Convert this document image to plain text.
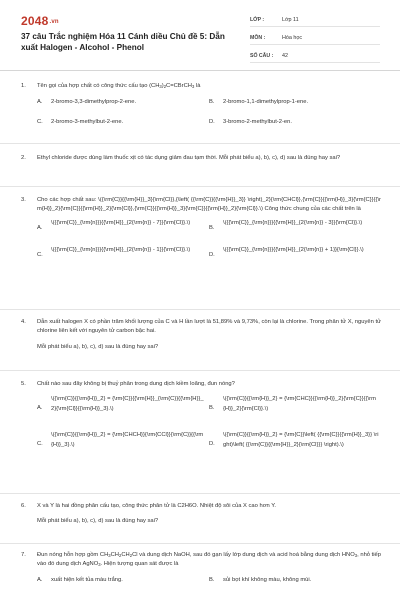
2048.vn
37 câu Trắc nghiệm Hóa 11 Cánh diều Chủ đề 5: Dẫn xuất Halogen - Alcohol - Phenol
LỚP :	Lớp 11
MÔN :	Hóa học
SỐ CÂU :	42
1. Tên gọi của hợp chất có công thức cấu tạo $(CH_3)_2C=CBrCH_3$ là
A. 2-bromo-3,3-dimethylprop-2-ene.	B. 2-bromo-1,1-dimethylprop-1-ene.
C. 2-bromo-3-methylbut-2-ene.	D. 3-bromo-2-methylbut-2-en.
2. Ethyl chloride được dùng làm thuốc xịt có tác dụng giảm đau tạm thời. Mỗi phát biểu a), b), c), d) sau là đúng hay sai?
3. Cho các hợp chất sau: \({\rm{C}}{{\rm{H}}_3}{\rm{Cl}},{\left( {{\rm{C}}{{\rm{H}}_3}} \right)_2}{\rm{CHCl}},{\rm{C}}{{\rm{H}}_3}{\rm{C}}{{\rm{H}}_2}{\rm{C}}{{\rm{H}}_2}{\rm{Cl}},{\rm{C}}{{\rm{H}}_3}{\rm{C}}{{\rm{H}}_2}{\rm{Cl}}.\) Công thức chung của các chất trên là
A.
\({{\rm{C}}_{\rm{n}}}{{\rm{H}}_{2{\rm{n}} - 7}}{\rm{Cl}}.\)
B.
\({{\rm{C}}_{\rm{n}}}{{\rm{H}}_{2{\rm{n}} - 3}}{\rm{Cl}}.\)
C.
\({{\rm{C}}_{\rm{n}}}{{\rm{H}}_{2{\rm{n}} - 1}}{\rm{Cl}}.\)
D.
\({{\rm{C}}_{\rm{n}}}{{\rm{H}}_{2{\rm{n}} + 1}}{\rm{Cl}}.\)
4. Dẫn xuất halogen X có phần trăm khối lượng của C và H lần lượt là 51,89% và 9,73%, còn lại là chlorine. Trong phân tử X, nguyên tử chlorine liên kết với nguyên tử carbon bậc hai.
Mỗi phát biểu a), b), c), d) sau là đúng hay sai?
5. Chất nào sau đây không bị thuỷ phân trong dung dịch kiềm loãng, đun nóng?
A.
\({\rm{C}}{{\rm{H}}_2} = {\rm{C}}{{\rm{H}}_{\rm{C}}{{\rm{H}}_2}{\rm{Cl}}{{\rm{H}}_3}.\)	B.
\({\rm{C}}{{\rm{H}}_2} = {\rm{CHC}}{{\rm{H}}_2}{\rm{C}}{{\rm{H}}_2}{\rm{Cl}}.\)
C.
\({\rm{C}}{{\rm{H}}_2} = {\rm{CHCH}}{\rm{CCl}}{\rm{C}}{{\rm{H}}_3}.\)	D.
\({\rm{C}}{{\rm{H}}_2} = {\rm{C}}\left( {{\rm{C}}{{\rm{H}}_3}} \right)\left( {{\rm{C}}{{\rm{H}}_2}{\rm{Cl}}} \right).\)
6. X và Y là hai đồng phân cấu tạo, công thức phân tử là C2H6O. Nhiệt độ sôi của X cao hơn Y.
Mỗi phát biểu a), b), c), d) sau là đúng hay sai?
7. Đun nóng hỗn hợp gồm $CH_3CH_2CH_2Cl$ và dung dịch NaOH, sau đó gạn lấy lớp dung dịch và acid hoá bằng dung dịch $HNO_3$, nhỏ tiếp vào đó dung dịch AgNO$_3$. Hiện tượng quan sát được là
A. xuất hiện kết tủa màu trắng.	B. sủi bọt khí không màu, không mùi.
